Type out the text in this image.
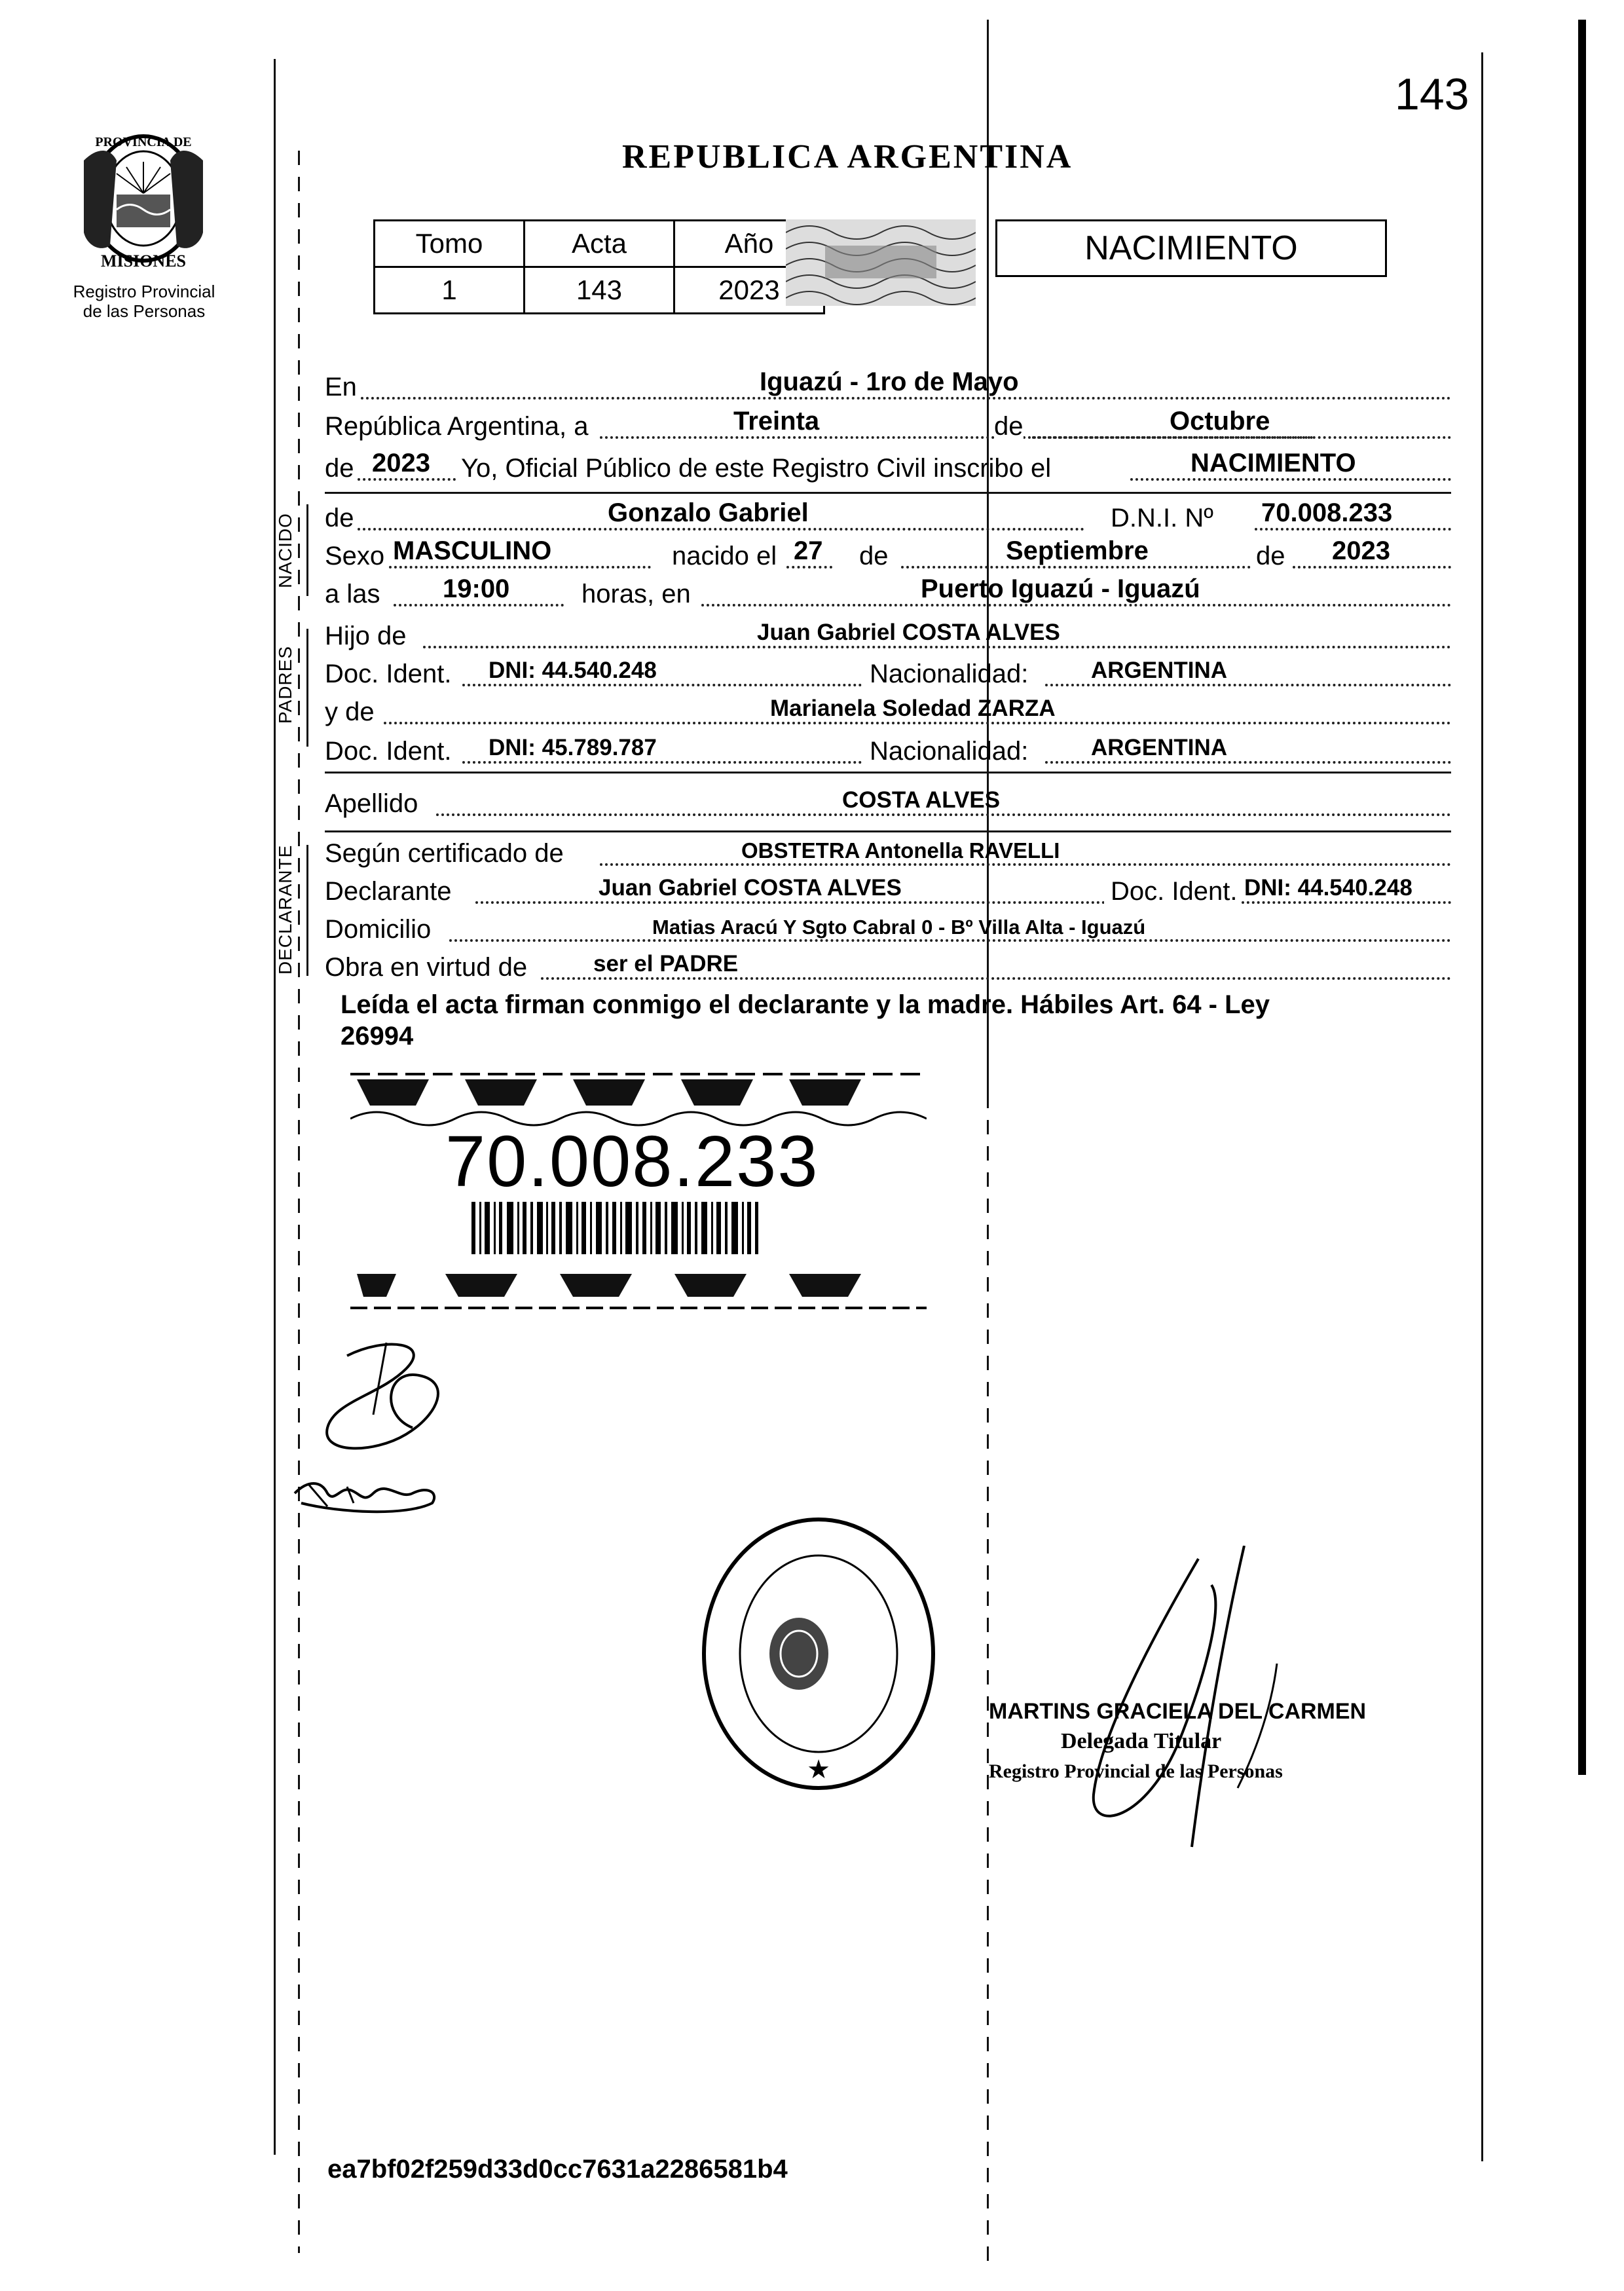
143
PROVINCIA DE
MISIONES
Registro Provincial
de las Personas
REPUBLICA ARGENTINA
Tomo	Acta	Año
1	143	2023
NACIMIENTO
En	Iguazú - 1ro de Mayo
República Argentina, a	Treinta	de	Octubre
de 2023 Yo, Oficial Público de este Registro Civil inscribo el	NACIMIENTO
NACIDO de	Gonzalo Gabriel	D.N.I. Nº 70.008.233
Sexo MASCULINO	nacido el 27 de	Septiembre	de 2023
a las 19:00	horas, en	Puerto Iguazú - Iguazú
PADRES
Hijo de	Juan Gabriel COSTA ALVES
Doc. Ident. DNI: 44.540.248	Nacionalidad:	ARGENTINA
y de	Marianela Soledad ZARZA
Doc. Ident. DNI: 45.789.787	Nacionalidad:	ARGENTINA
Apellido	COSTA ALVES
DECLARANTE Según certificado de	OBSTETRA Antonella RAVELLI
Declarante	Juan Gabriel COSTA ALVES	Doc. Ident. DNI: 44.540.248
Domicilio	Matias Aracú Y Sgto Cabral 0 - Bº Villa Alta - Iguazú
Obra en virtud de	ser el PADRE
Leída el acta firman conmigo el declarante y la madre. Hábiles Art. 64 - Ley
26994
70.008.233
★
MARTINS GRACIELA DEL CARMEN
Delegada Titular
Registro Provincial de las Personas
ea7bf02f259d33d0cc7631a2286581b4
